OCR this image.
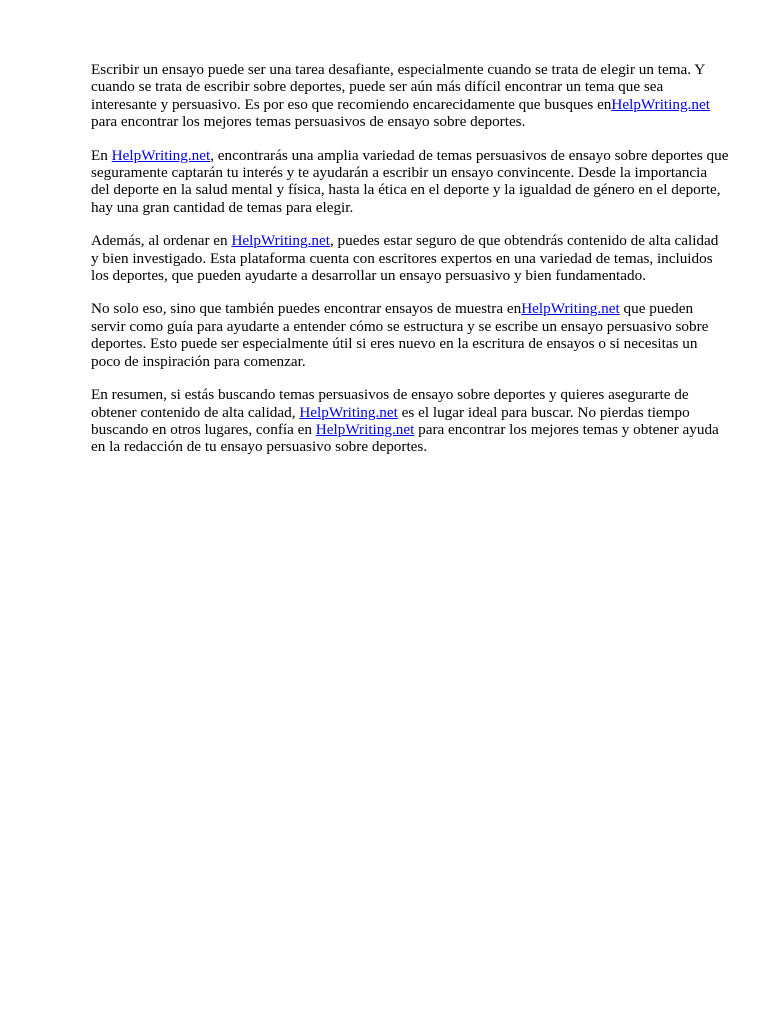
Escribir un ensayo puede ser una tarea desafiante, especialmente cuando se trata de elegir un tema. Y cuando se trata de escribir sobre deportes, puede ser aún más difícil encontrar un tema que sea interesante y persuasivo. Es por eso que recomiendo encarecidamente que busques enHelpWriting.net para encontrar los mejores temas persuasivos de ensayo sobre deportes.

En HelpWriting.net, encontrarás una amplia variedad de temas persuasivos de ensayo sobre deportes que seguramente captarán tu interés y te ayudarán a escribir un ensayo convincente. Desde la importancia del deporte en la salud mental y física, hasta la ética en el deporte y la igualdad de género en el deporte, hay una gran cantidad de temas para elegir.

Además, al ordenar en HelpWriting.net, puedes estar seguro de que obtendrás contenido de alta calidad y bien investigado. Esta plataforma cuenta con escritores expertos en una variedad de temas, incluidos los deportes, que pueden ayudarte a desarrollar un ensayo persuasivo y bien fundamentado.

No solo eso, sino que también puedes encontrar ensayos de muestra enHelpWriting.net que pueden servir como guía para ayudarte a entender cómo se estructura y se escribe un ensayo persuasivo sobre deportes. Esto puede ser especialmente útil si eres nuevo en la escritura de ensayos o si necesitas un poco de inspiración para comenzar.

En resumen, si estás buscando temas persuasivos de ensayo sobre deportes y quieres asegurarte de obtener contenido de alta calidad, HelpWriting.net es el lugar ideal para buscar. No pierdas tiempo buscando en otros lugares, confía en HelpWriting.net para encontrar los mejores temas y obtener ayuda en la redacción de tu ensayo persuasivo sobre deportes.
